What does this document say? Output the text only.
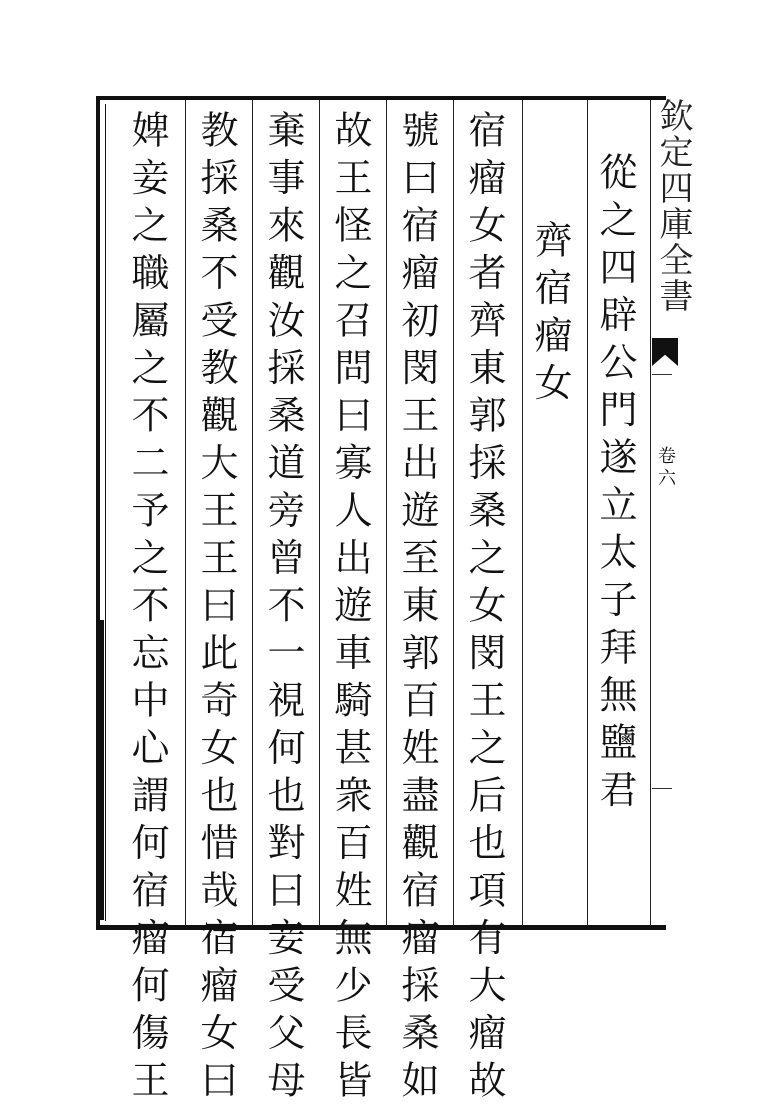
從之四辟公門遂立太子拜無鹽君
齊宿瘤女
宿瘤女者齊東郭採桑之女閔王之后也項有大瘤故
號曰宿瘤初閔王出遊至東郭百姓盡觀宿瘤採桑如
故王怪之召問曰寡人出遊車騎甚衆百姓無少長皆
棄事來觀汝採桑道旁曾不一視何也對曰妾受父母
教採桑不受教觀大王王曰此奇女也惜哉宿瘤女曰
婢妾之職屬之不二予之不忘中心謂何宿瘤何傷王	欽定四庫全書
卷六
